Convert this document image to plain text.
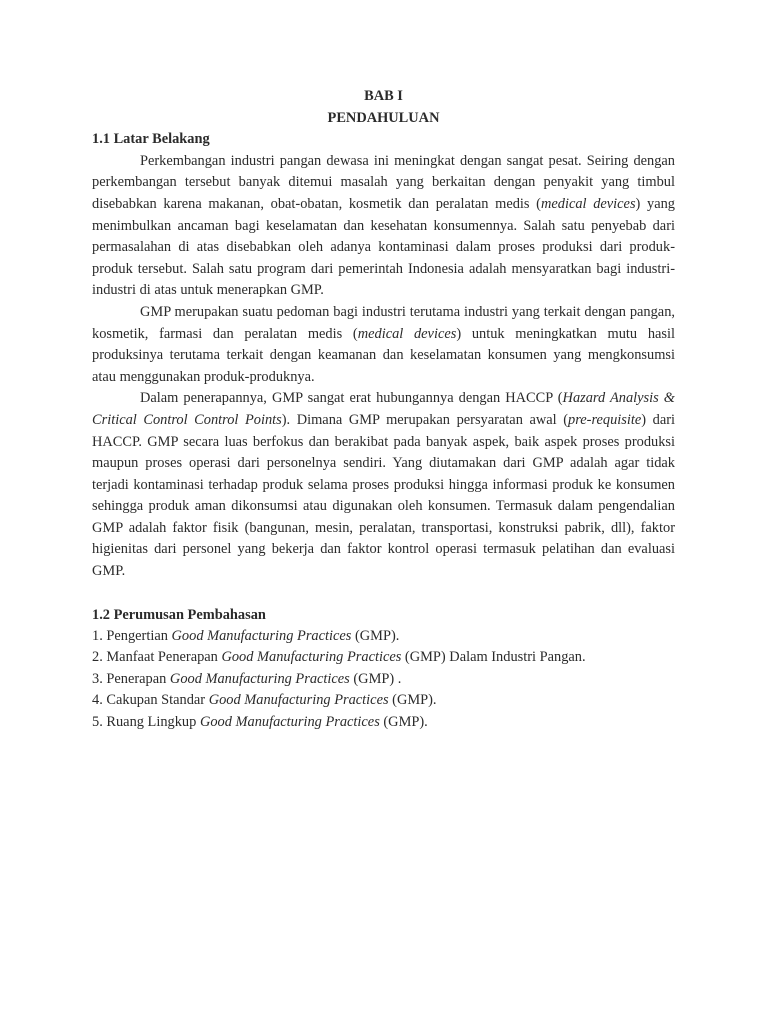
BAB I
PENDAHULUAN
1.1 Latar Belakang

Perkembangan industri pangan dewasa ini meningkat dengan sangat pesat. Seiring dengan perkembangan tersebut banyak ditemui masalah yang berkaitan dengan penyakit yang timbul disebabkan karena makanan, obat-obatan, kosmetik dan peralatan medis (medical devices) yang menimbulkan ancaman bagi keselamatan dan kesehatan konsumennya. Salah satu penyebab dari permasalahan di atas disebabkan oleh adanya kontaminasi dalam proses produksi dari produk-produk tersebut. Salah satu program dari pemerintah Indonesia adalah mensyaratkan bagi industri-industri di atas untuk menerapkan GMP.

GMP merupakan suatu pedoman bagi industri terutama industri yang terkait dengan pangan, kosmetik, farmasi dan peralatan medis (medical devices) untuk meningkatkan mutu hasil produksinya terutama terkait dengan keamanan dan keselamatan konsumen yang mengkonsumsi atau menggunakan produk-produknya.

Dalam penerapannya, GMP sangat erat hubungannya dengan HACCP (Hazard Analysis & Critical Control Control Points). Dimana GMP merupakan persyaratan awal (pre-requisite) dari HACCP. GMP secara luas berfokus dan berakibat pada banyak aspek, baik aspek proses produksi maupun proses operasi dari personelnya sendiri. Yang diutamakan dari GMP adalah agar tidak terjadi kontaminasi terhadap produk selama proses produksi hingga informasi produk ke konsumen sehingga produk aman dikonsumsi atau digunakan oleh konsumen. Termasuk dalam pengendalian GMP adalah faktor fisik (bangunan, mesin, peralatan, transportasi, konstruksi pabrik, dll), faktor higienitas dari personel yang bekerja dan faktor kontrol operasi termasuk pelatihan dan evaluasi GMP.

1.2 Perumusan Pembahasan
1. Pengertian Good Manufacturing Practices (GMP).
2. Manfaat Penerapan Good Manufacturing Practices (GMP) Dalam Industri Pangan.
3. Penerapan Good Manufacturing Practices (GMP) .
4. Cakupan Standar Good Manufacturing Practices (GMP).
5. Ruang Lingkup Good Manufacturing Practices (GMP).
